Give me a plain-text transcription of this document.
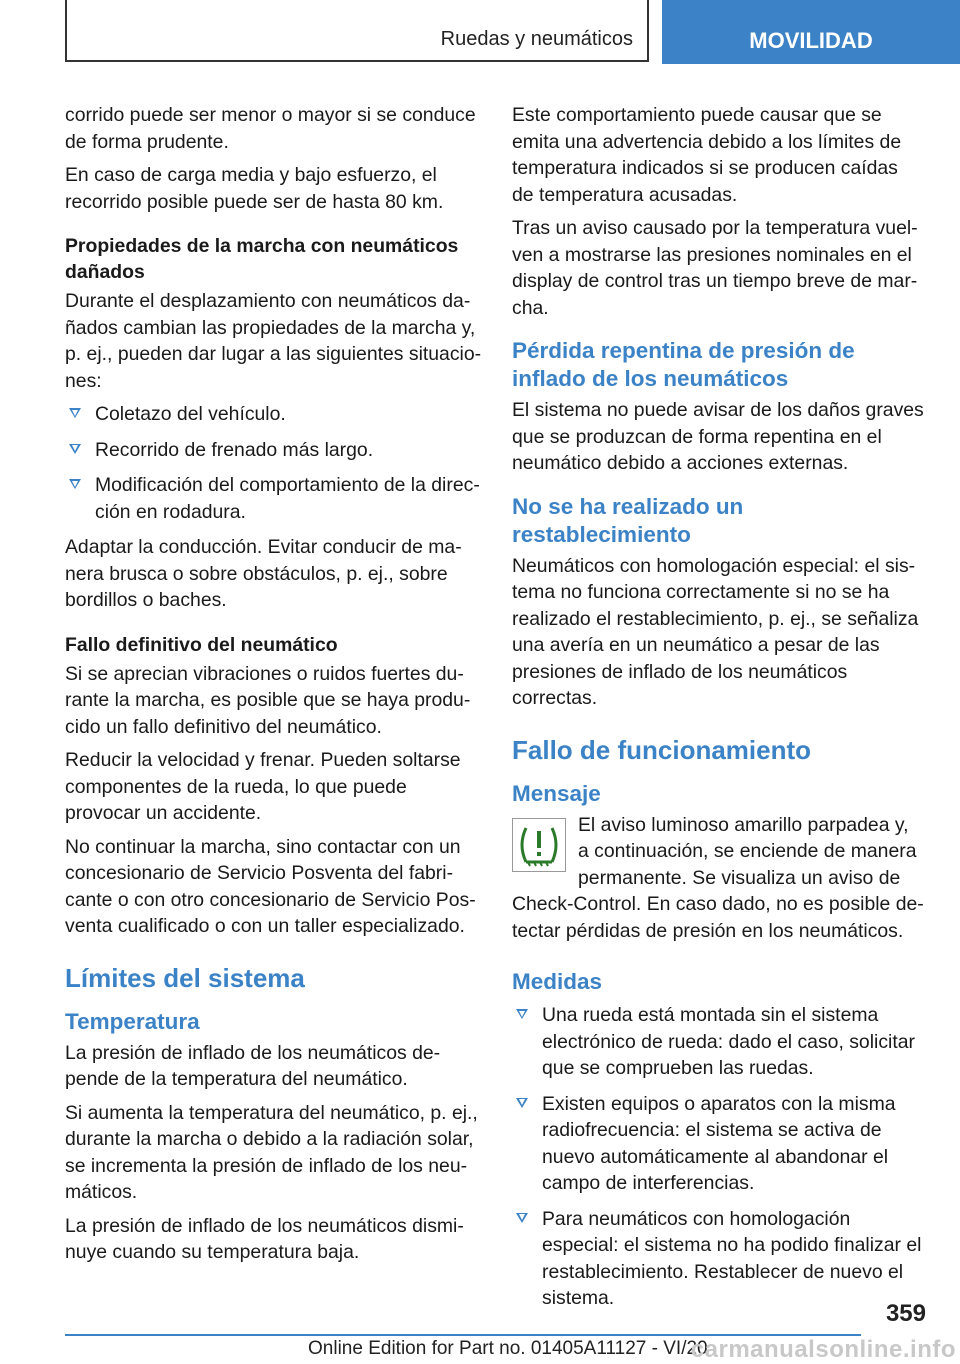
Ruedas y neumáticos	MOVILIDAD

corrido puede ser menor o mayor si se conduce de forma prudente.

En caso de carga media y bajo esfuerzo, el recorrido posible puede ser de hasta 80 km.

Propiedades de la marcha con neumáticos dañados

Durante el desplazamiento con neumáticos dañados cambian las propiedades de la marcha y, p. ej., pueden dar lugar a las siguientes situaciones:

Coletazo del vehículo.
Recorrido de frenado más largo.
Modificación del comportamiento de la dirección en rodadura.

Adaptar la conducción. Evitar conducir de manera brusca o sobre obstáculos, p. ej., sobre bordillos o baches.

Fallo definitivo del neumático

Si se aprecian vibraciones o ruidos fuertes durante la marcha, es posible que se haya producido un fallo definitivo del neumático.

Reducir la velocidad y frenar. Pueden soltarse componentes de la rueda, lo que puede provocar un accidente.

No continuar la marcha, sino contactar con un concesionario de Servicio Posventa del fabricante o con otro concesionario de Servicio Posventa cualificado o con un taller especializado.

Límites del sistema
Temperatura

La presión de inflado de los neumáticos depende de la temperatura del neumático.

Si aumenta la temperatura del neumático, p. ej., durante la marcha o debido a la radiación solar, se incrementa la presión de inflado de los neumáticos.

La presión de inflado de los neumáticos disminuye cuando su temperatura baja.

Este comportamiento puede causar que se emita una advertencia debido a los límites de temperatura indicados si se producen caídas de temperatura acusadas.

Tras un aviso causado por la temperatura vuelven a mostrarse las presiones nominales en el display de control tras un tiempo breve de marcha.

Pérdida repentina de presión de inflado de los neumáticos

El sistema no puede avisar de los daños graves que se produzcan de forma repentina en el neumático debido a acciones externas.

No se ha realizado un restablecimiento

Neumáticos con homologación especial: el sistema no funciona correctamente si no se ha realizado el restablecimiento, p. ej., se señaliza una avería en un neumático a pesar de las presiones de inflado de los neumáticos correctas.

Fallo de funcionamiento
Mensaje

El aviso luminoso amarillo parpadea y, a continuación, se enciende de manera permanente. Se visualiza un aviso de Check-Control. En caso dado, no es posible detectar pérdidas de presión en los neumáticos.

Medidas
Una rueda está montada sin el sistema electrónico de rueda: dado el caso, solicitar que se comprueben las ruedas.
Existen equipos o aparatos con la misma radiofrecuencia: el sistema se activa de nuevo automáticamente al abandonar el campo de interferencias.
Para neumáticos con homologación especial: el sistema no ha podido finalizar el restablecimiento. Restablecer de nuevo el sistema.
359
Online Edition for Part no. 01405A11127 - VI/20
carmanualsonline.info
